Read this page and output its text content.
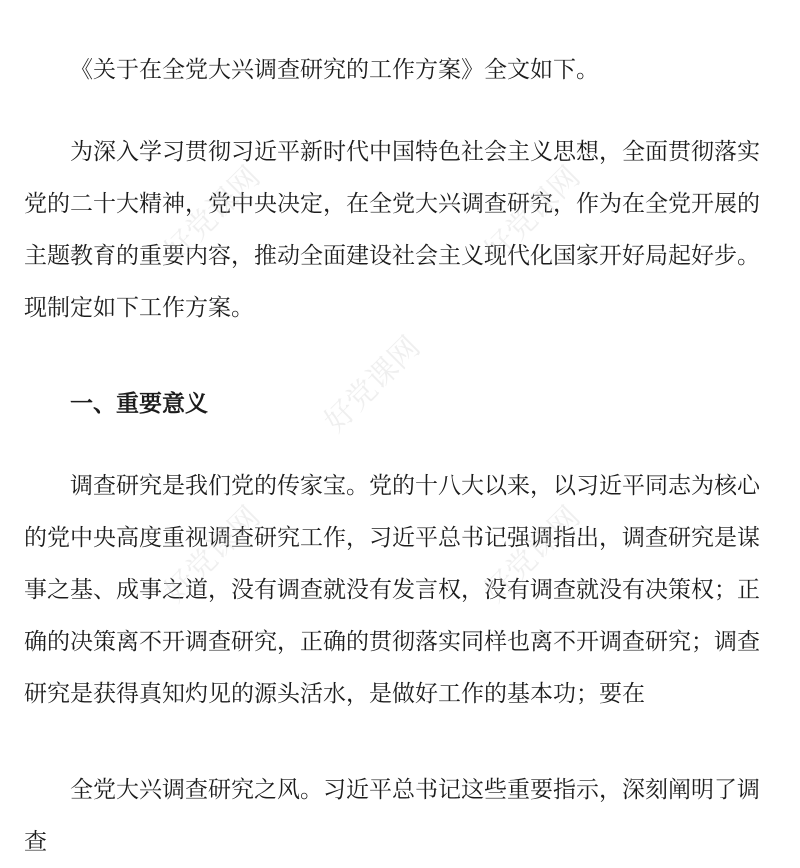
《关于在全党大兴调查研究的工作方案》全文如下。

为深入学习贯彻习近平新时代中国特色社会主义思想，全面贯彻落实党的二十大精神，党中央决定，在全党大兴调查研究，作为在全党开展的主题教育的重要内容，推动全面建设社会主义现代化国家开好局起好步。现制定如下工作方案。

一、重要意义

调查研究是我们党的传家宝。党的十八大以来，以习近平同志为核心的党中央高度重视调查研究工作，习近平总书记强调指出，调查研究是谋事之基、成事之道，没有调查就没有发言权，没有调查就没有决策权；正确的决策离不开调查研究，正确的贯彻落实同样也离不开调查研究；调查研究是获得真知灼见的源头活水，是做好工作的基本功；要在

全党大兴调查研究之风。习近平总书记这些重要指示，深刻阐明了调查

好党课网	好党课网
好党课网
好党课网	好党课网
